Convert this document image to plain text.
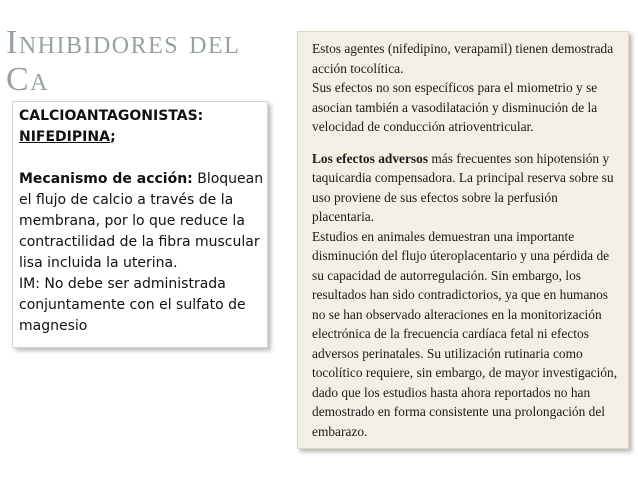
Inhibidores del
Ca

CALCIOANTAGONISTAS:
NIFEDIPINA;

Mecanismo de acción: Bloquean el flujo de calcio a través de la membrana, por lo que reduce la contractilidad de la fibra muscular lisa incluida la uterina.

IM: No debe ser administrada conjuntamente con el sulfato de magnesio

Estos agentes (nifedipino, verapamil) tienen demostrada acción tocolítica.

Sus efectos no son específicos para el miometrio y se asocian también a vasodilatación y disminución de la velocidad de conducción atrioventricular.

Los efectos adversos más frecuentes son hipotensión y taquicardia compensadora. La principal reserva sobre su uso proviene de sus efectos sobre la perfusión placentaria.

Estudios en animales demuestran una importante disminución del flujo úteroplacentario y una pérdida de su capacidad de autorregulación. Sin embargo, los resultados han sido contradictorios, ya que en humanos no se han observado alteraciones en la monitorización electrónica de la frecuencia cardíaca fetal ni efectos adversos perinatales. Su utilización rutinaria como tocolítico requiere, sin embargo, de mayor investigación, dado que los estudios hasta ahora reportados no han demostrado en forma consistente una prolongación del embarazo.
